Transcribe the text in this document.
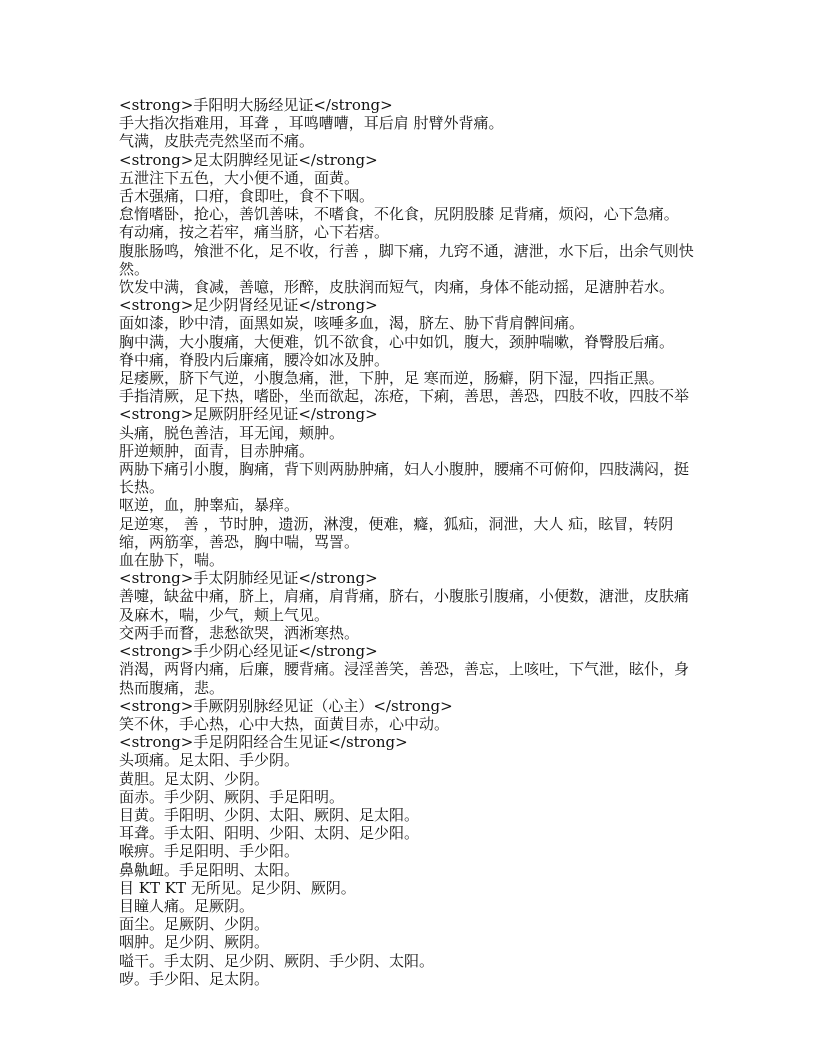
<strong>手阳明大肠经见证</strong>

手大指次指难用，耳聋 ，耳鸣嘈嘈，耳后肩 肘臂外背痛。

气满，皮肤壳壳然坚而不痛。

<strong>足太阴脾经见证</strong>

五泄注下五色，大小便不通，面黄。

舌木强痛，口疳，食即吐，食不下咽。

怠惰嗜卧，抢心，善饥善味，不嗜食，不化食，尻阴股膝 足背痛，烦闷，心下急痛。

有动痛，按之若牢，痛当脐，心下若痞。

腹胀肠鸣，飧泄不化，足不收，行善 ，脚下痛，九窍不通，溏泄，水下后，出余气则快然。

饮发中满，食减，善噫，形醉，皮肤润而短气，肉痛，身体不能动摇，足溏肿若水。

<strong>足少阴肾经见证</strong>

面如漆，眇中清，面黑如炭，咳唾多血，渴，脐左、胁下背肩髀间痛。

胸中满，大小腹痛，大便难，饥不欲食，心中如饥，腹大，颈肿喘嗽，脊臀股后痛。

脊中痛，脊股内后廉痛，腰冷如冰及肿。

足痿厥，脐下气逆，小腹急痛，泄，下肿，足 寒而逆，肠癖，阴下湿，四指正黑。

手指清厥，足下热，嗜卧，坐而欲起，冻疮，下痢，善思，善恐，四肢不收，四肢不举

<strong>足厥阴肝经见证</strong>

头痛，脱色善洁，耳无闻，颊肿。

肝逆颊肿，面青，目赤肿痛。

两胁下痛引小腹，胸痛，背下则两胁肿痛，妇人小腹肿，腰痛不可俯仰，四肢满闷，挺长热。

呕逆，血，肿睾疝，暴痒。

足逆寒， 善 ，节时肿，遗沥，淋溲，便难，癃，狐疝，洞泄，大人 疝，眩冒，转阴缩，两筋挛，善恐，胸中喘，骂詈。

血在胁下，喘。

<strong>手太阴肺经见证</strong>

善嚏，缺盆中痛，脐上，肩痛，肩背痛，脐右，小腹胀引腹痛，小便数，溏泄，皮肤痛及麻木，喘，少气，颊上气见。

交两手而瞀，悲愁欲哭，洒淅寒热。

<strong>手少阴心经见证</strong>

消渴，两肾内痛，后廉，腰背痛。浸淫善笑，善恐，善忘，上咳吐，下气泄，眩仆，身热而腹痛，悲。

<strong>手厥阴别脉经见证（心主）</strong>

笑不休，手心热，心中大热，面黄目赤，心中动。

<strong>手足阴阳经合生见证</strong>

头项痛。足太阳、手少阴。

黄胆。足太阴、少阴。

面赤。手少阴、厥阴、手足阳明。

目黄。手阳明、少阴、太阳、厥阴、足太阳。

耳聋。手太阳、阳明、少阳、太阴、足少阳。

喉痹。手足阳明、手少阳。

鼻鼽衄。手足阳明、太阳。

目 KT KT 无所见。足少阴、厥阴。

目瞳人痛。足厥阴。

面尘。足厥阴、少阴。

咽肿。足少阴、厥阴。

嗌干。手太阴、足少阴、厥阴、手少阴、太阳。

哕。手少阳、足太阴。
